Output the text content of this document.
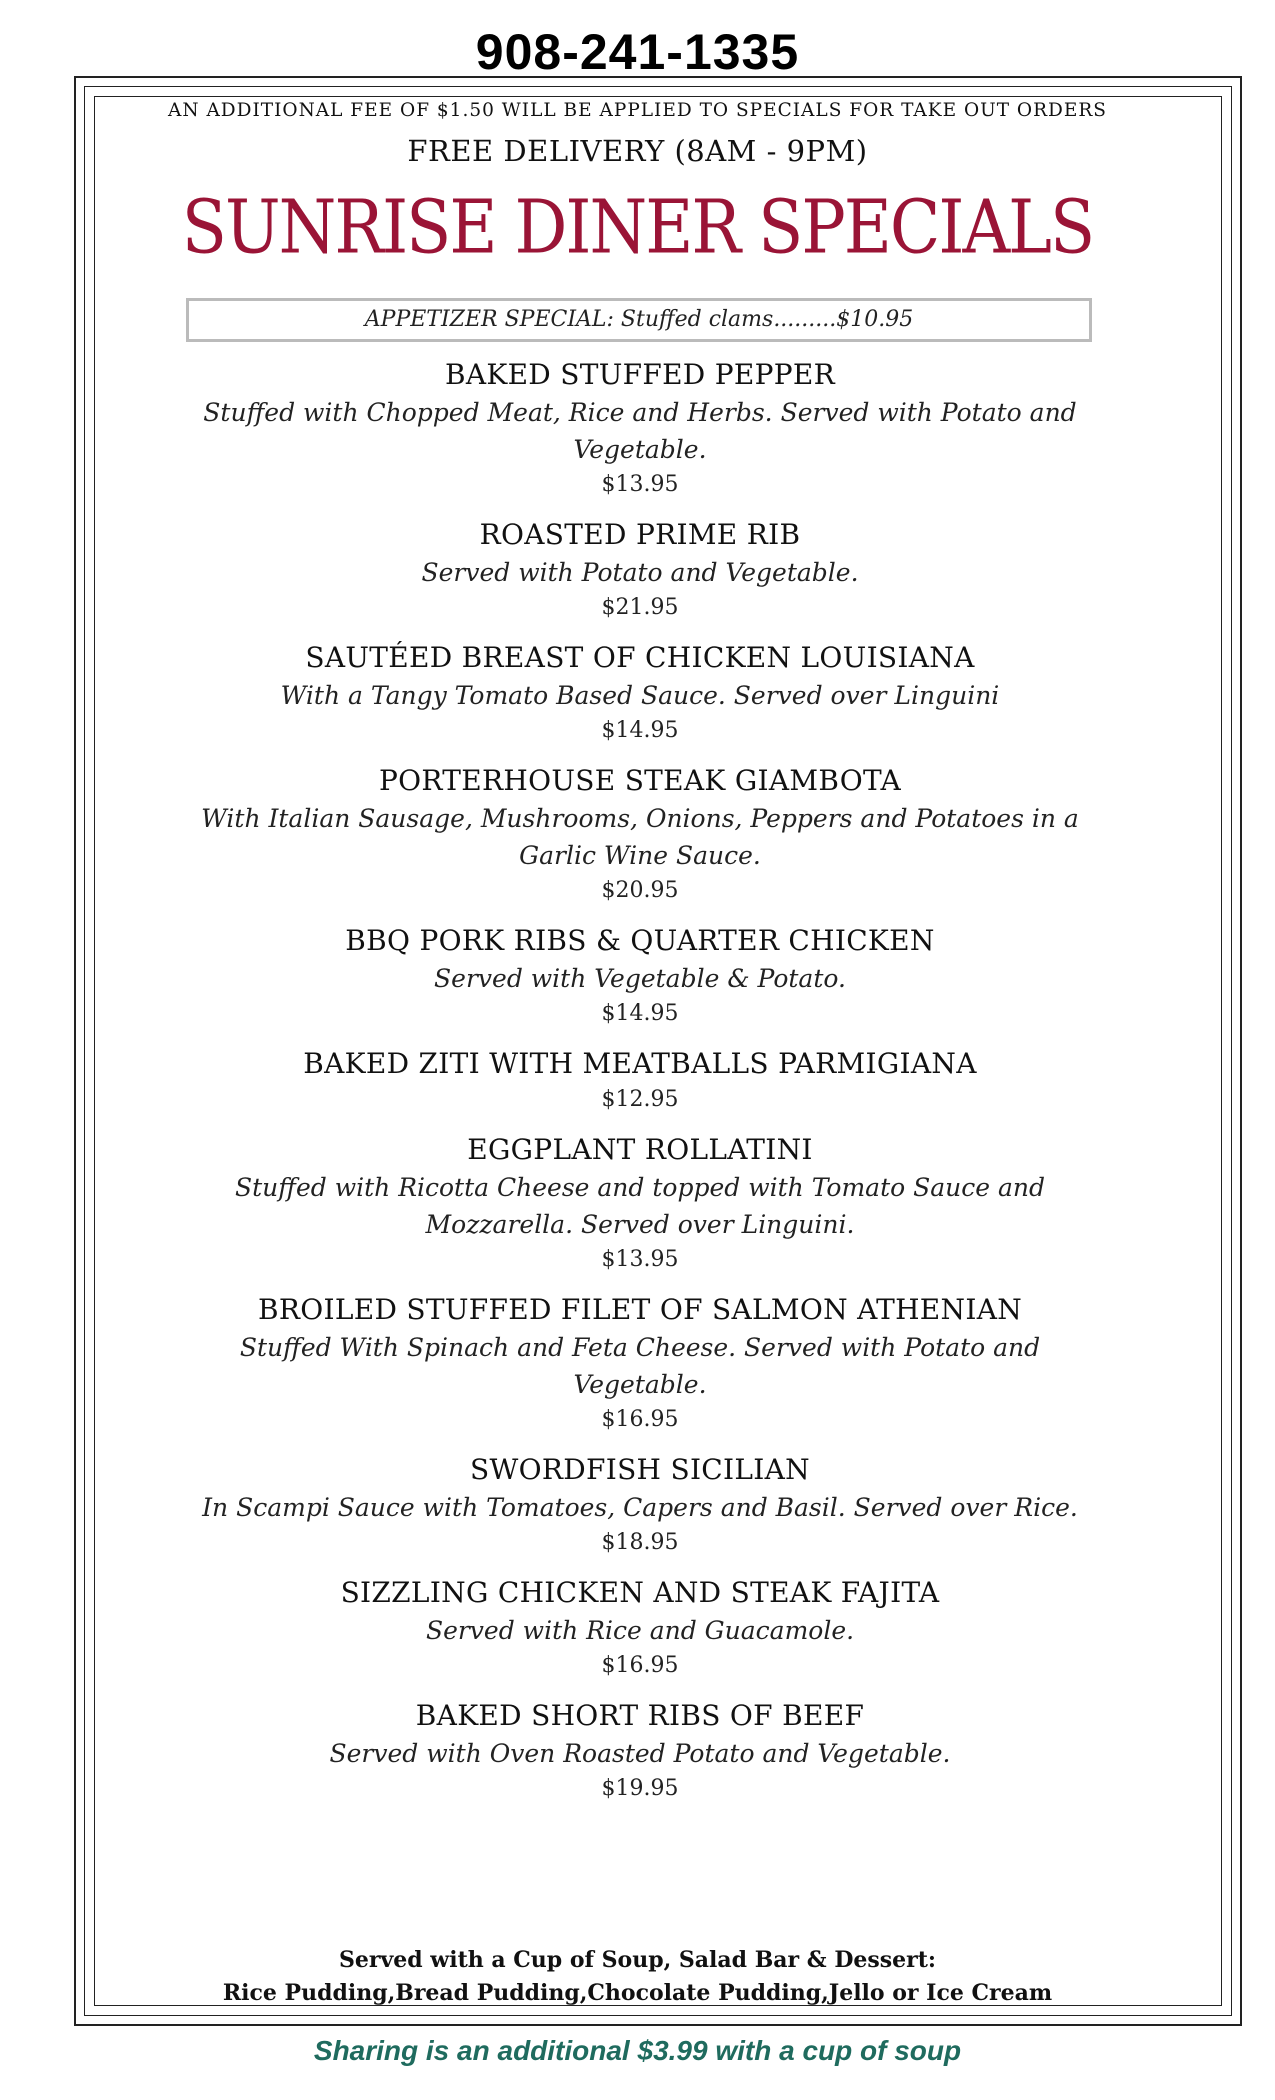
908-241-1335
AN ADDITIONAL FEE OF $1.50 WILL BE APPLIED TO SPECIALS FOR TAKE OUT ORDERS
FREE DELIVERY (8AM - 9PM)
SUNRISE DINER SPECIALS
APPETIZER SPECIAL: Stuffed clams.........$10.95
BAKED STUFFED PEPPER
Stuffed with Chopped Meat, Rice and Herbs. Served with Potato and Vegetable.
$13.95
ROASTED PRIME RIB
Served with Potato and Vegetable.
$21.95
SAUTÉED BREAST OF CHICKEN LOUISIANA
With a Tangy Tomato Based Sauce. Served over Linguini
$14.95
PORTERHOUSE STEAK GIAMBOTA
With Italian Sausage, Mushrooms, Onions, Peppers and Potatoes in a Garlic Wine Sauce.
$20.95
BBQ PORK RIBS & QUARTER CHICKEN
Served with Vegetable & Potato.
$14.95
BAKED ZITI WITH MEATBALLS PARMIGIANA
$12.95
EGGPLANT ROLLATINI
Stuffed with Ricotta Cheese and topped with Tomato Sauce and Mozzarella. Served over Linguini.
$13.95
BROILED STUFFED FILET OF SALMON ATHENIAN
Stuffed With Spinach and Feta Cheese. Served with Potato and Vegetable.
$16.95
SWORDFISH SICILIAN
In Scampi Sauce with Tomatoes, Capers and Basil. Served over Rice.
$18.95
SIZZLING CHICKEN AND STEAK FAJITA
Served with Rice and Guacamole.
$16.95
BAKED SHORT RIBS OF BEEF
Served with Oven Roasted Potato and Vegetable.
$19.95
Served with a Cup of Soup, Salad Bar & Dessert:
Rice Pudding,Bread Pudding,Chocolate Pudding,Jello or Ice Cream
Sharing is an additional $3.99 with a cup of soup
